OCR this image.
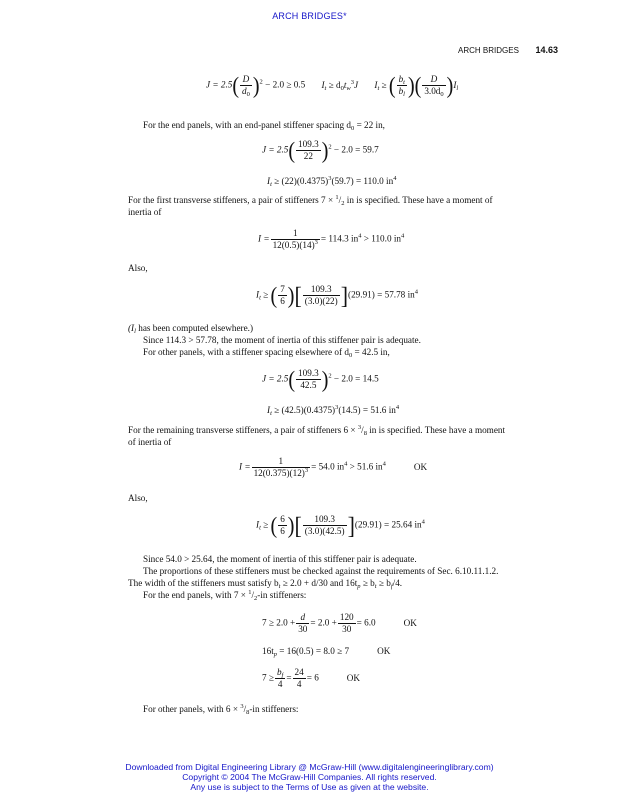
ARCH BRIDGES*
ARCH BRIDGES 14.63
$J = 2.5( \frac{D}{d_0} )^2 - 2.0 \ge 0.5$ $I_t \ge d_0t_w^3J$ $I_t$ ≥ ( $\frac{b_t}{b_l}$ )( $\frac{D}{3.0d_0} )I_l$
For the end panels, with an end-panel stiffener spacing $d_0 = 22$ in,
$J = 2.5( \frac{109.3}{22} )^2 - 2.0 = 59.7$
$I_t \ge (22)(0.4375)^3(59.7) = 110.0$ $in^4$
For the first transverse stiffeners, a pair of stiffeners $7 \times ^1/_2$ in is specified. These have a moment of
inertia of
$I = \frac{1}{12(0.5)(14)^3} = 114.3$ $in^4 > 110.0$ $in^4$
Also,
$I_t$ ≥ ( $\frac{7}{6}$ )[ $\frac{109.3}{(3.0)(22)} ](29.91) = 57.78$ $in^4$
($I_l$ has been computed elsewhere.)
Since 114.3 > 57.78, the moment of inertia of this stiffener pair is adequate.
For other panels, with a stiffener spacing elsewhere of $d_0 = 42.5$ in,
$J = 2.5( \frac{109.3}{42.5} )^2 - 2.0 = 14.5$
$I_t \ge (42.5)(0.4375)^3(14.5) = 51.6$ $in^4$
For the remaining transverse stiffeners, a pair of stiffeners $6 \times ^3/_8$ in is specified. These have a moment
of inertia of
$I = \frac{1}{12(0.375)(12)^3} = 54.0$ $in^4 > 51.6$ $in^4$	OK
Also,
$I_t$ ≥ ( $\frac{6}{6}$ )[ $\frac{109.3}{(3.0)(42.5)} ](29.91) = 25.64$ $in^4$
Since 54.0 > 25.64, the moment of inertia of this stiffener pair is adequate.
The proportions of these stiffeners must be checked against the requirements of Sec. 6.10.11.1.2.
The width of the stiffeners must satisfy $b_t \ge 2.0 + d/30$ and $16t_p \ge b_t \ge b_f/4$.
For the end panels, with $7 \times ^1/_2-in$ stiffeners:
$7 \ge 2.0 + \frac{d}{30} = 2.0 + \frac{120}{30} = 6.0$	OK
$16t_p = 16(0.5) = 8.0 \ge 7$	OK
$7 \ge \frac{b_f}{4} = \frac{24}{4} = 6$	OK
For other panels, with $6 \times ^3/_8-in$ stiffeners:
Downloaded from Digital Engineering Library @ McGraw-Hill (www.digitalengineeringlibrary.com)
Copyright © 2004 The McGraw-Hill Companies. All rights reserved.
Any use is subject to the Terms of Use as given at the website.
